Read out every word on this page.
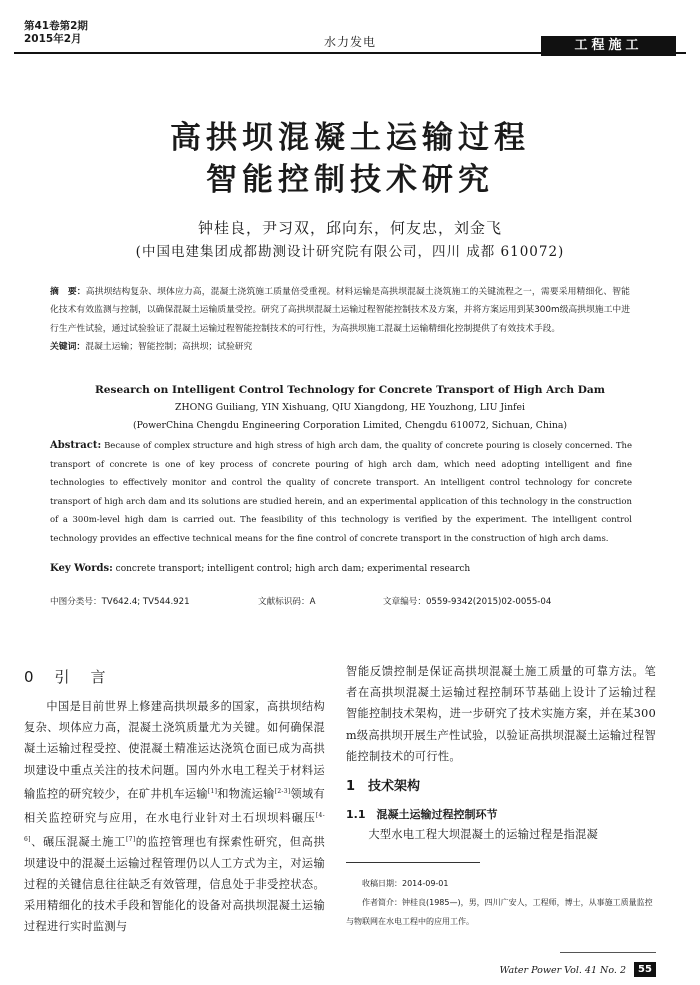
第41卷第2期
2015年2月	水力发电	工程施工
高拱坝混凝土运输过程
智能控制技术研究
钟桂良，尹习双，邱向东，何友忠，刘金飞
(中国电建集团成都勘测设计研究院有限公司，四川 成都 610072)
摘　要：高拱坝结构复杂、坝体应力高，混凝土浇筑施工质量倍受重视。材料运输是高拱坝混凝土浇筑施工的关键流程之一，需要采用精细化、智能化技术有效监测与控制，以确保混凝土运输质量受控。研究了高拱坝混凝土运输过程智能控制技术及方案，并将方案运用到某300m级高拱坝施工中进行生产性试验，通过试验验证了混凝土运输过程智能控制技术的可行性，为高拱坝施工混凝土运输精细化控制提供了有效技术手段。
关键词：混凝土运输；智能控制；高拱坝；试验研究
Research on Intelligent Control Technology for Concrete Transport of High Arch Dam
ZHONG Guiliang, YIN Xishuang, QIU Xiangdong, HE Youzhong, LIU Jinfei
(PowerChina Chengdu Engineering Corporation Limited, Chengdu 610072, Sichuan, China)
Abstract: Because of complex structure and high stress of high arch dam, the quality of concrete pouring is closely concerned. The transport of concrete is one of key process of concrete pouring of high arch dam, which need adopting intelligent and fine technologies to effectively monitor and control the quality of concrete transport. An intelligent control technology for concrete transport of high arch dam and its solutions are studied herein, and an experimental application of this technology in the construction of a 300m-level high dam is carried out. The feasibility of this technology is verified by the experiment. The intelligent control technology provides an effective technical means for the fine control of concrete transport in the construction of high arch dams.
Key Words: concrete transport; intelligent control; high arch dam; experimental research
中图分类号：TV642.4; TV544.921	文献标识码：A	文章编号：0559-9342(2015)02-0055-04
0　引　言

中国是目前世界上修建高拱坝最多的国家，高拱坝结构复杂、坝体应力高，混凝土浇筑质量尤为关键。如何确保混凝土运输过程受控、使混凝土精准运达浇筑仓面已成为高拱坝建设中重点关注的技术问题。国内外水电工程关于材料运输监控的研究较少，在矿井机车运输[1]和物流运输[2-3]领域有相关监控研究与应用，在水电行业针对土石坝坝料碾压[4-6]、碾压混凝土施工[7]的监控管理也有探索性研究，但高拱坝建设中的混凝土运输过程管理仍以人工方式为主，对运输过程的关键信息往往缺乏有效管理，信息处于非受控状态。采用精细化的技术手段和智能化的设备对高拱坝混凝土运输过程进行实时监测与

智能反馈控制是保证高拱坝混凝土施工质量的可靠方法。笔者在高拱坝混凝土运输过程控制环节基础上设计了运输过程智能控制技术架构，进一步研究了技术实施方案，并在某300 m级高拱坝开展生产性试验，以验证高拱坝混凝土运输过程智能控制技术的可行性。

1　技术架构
1.1　混凝土运输过程控制环节
大型水电工程大坝混凝土的运输过程是指混凝

收稿日期：2014-09-01

作者简介：钟桂良(1985—)，男，四川广安人，工程师，博士，从事施工质量监控与物联网在水电工程中的应用工作。

Water Power Vol. 41 No. 2	55
